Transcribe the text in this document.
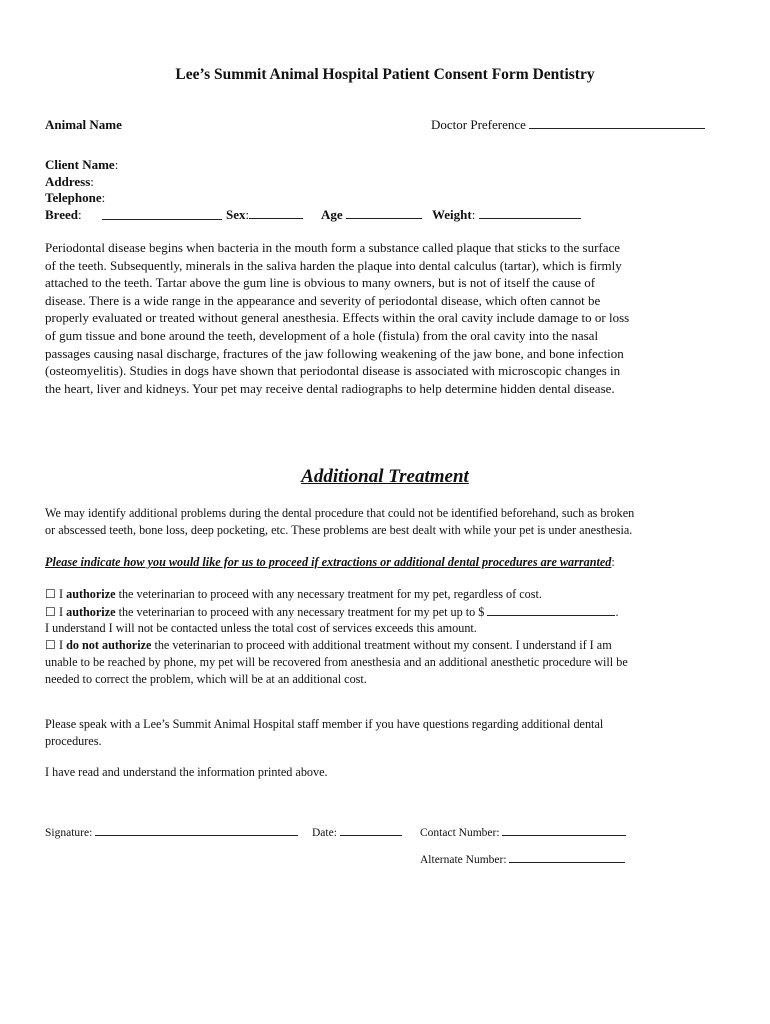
Lee’s Summit Animal Hospital Patient Consent Form Dentistry
Animal Name	Doctor Preference
Client Name:
Address:
Telephone:
Breed:	Sex:	Age	Weight:
Periodontal disease begins when bacteria in the mouth form a substance called plaque that sticks to the surface
of the teeth. Subsequently, minerals in the saliva harden the plaque into dental calculus (tartar), which is firmly
attached to the teeth. Tartar above the gum line is obvious to many owners, but is not of itself the cause of
disease. There is a wide range in the appearance and severity of periodontal disease, which often cannot be
properly evaluated or treated without general anesthesia. Effects within the oral cavity include damage to or loss
of gum tissue and bone around the teeth, development of a hole (fistula) from the oral cavity into the nasal
passages causing nasal discharge, fractures of the jaw following weakening of the jaw bone, and bone infection
(osteomyelitis). Studies in dogs have shown that periodontal disease is associated with microscopic changes in
the heart, liver and kidneys. Your pet may receive dental radiographs to help determine hidden dental disease.
Additional Treatment
We may identify additional problems during the dental procedure that could not be identified beforehand, such as broken
or abscessed teeth, bone loss, deep pocketing, etc. These problems are best dealt with while your pet is under anesthesia.
Please indicate how you would like for us to proceed if extractions or additional dental procedures are warranted:
☐ I authorize the veterinarian to proceed with any necessary treatment for my pet, regardless of cost.
☐ I authorize the veterinarian to proceed with any necessary treatment for my pet up to $	.
I understand I will not be contacted unless the total cost of services exceeds this amount.
☐ I do not authorize the veterinarian to proceed with additional treatment without my consent. I understand if I am
unable to be reached by phone, my pet will be recovered from anesthesia and an additional anesthetic procedure will be
needed to correct the problem, which will be at an additional cost.
Please speak with a Lee’s Summit Animal Hospital staff member if you have questions regarding additional dental
procedures.
I have read and understand the information printed above.
Signature:	Date:	Contact Number:
Alternate Number:
